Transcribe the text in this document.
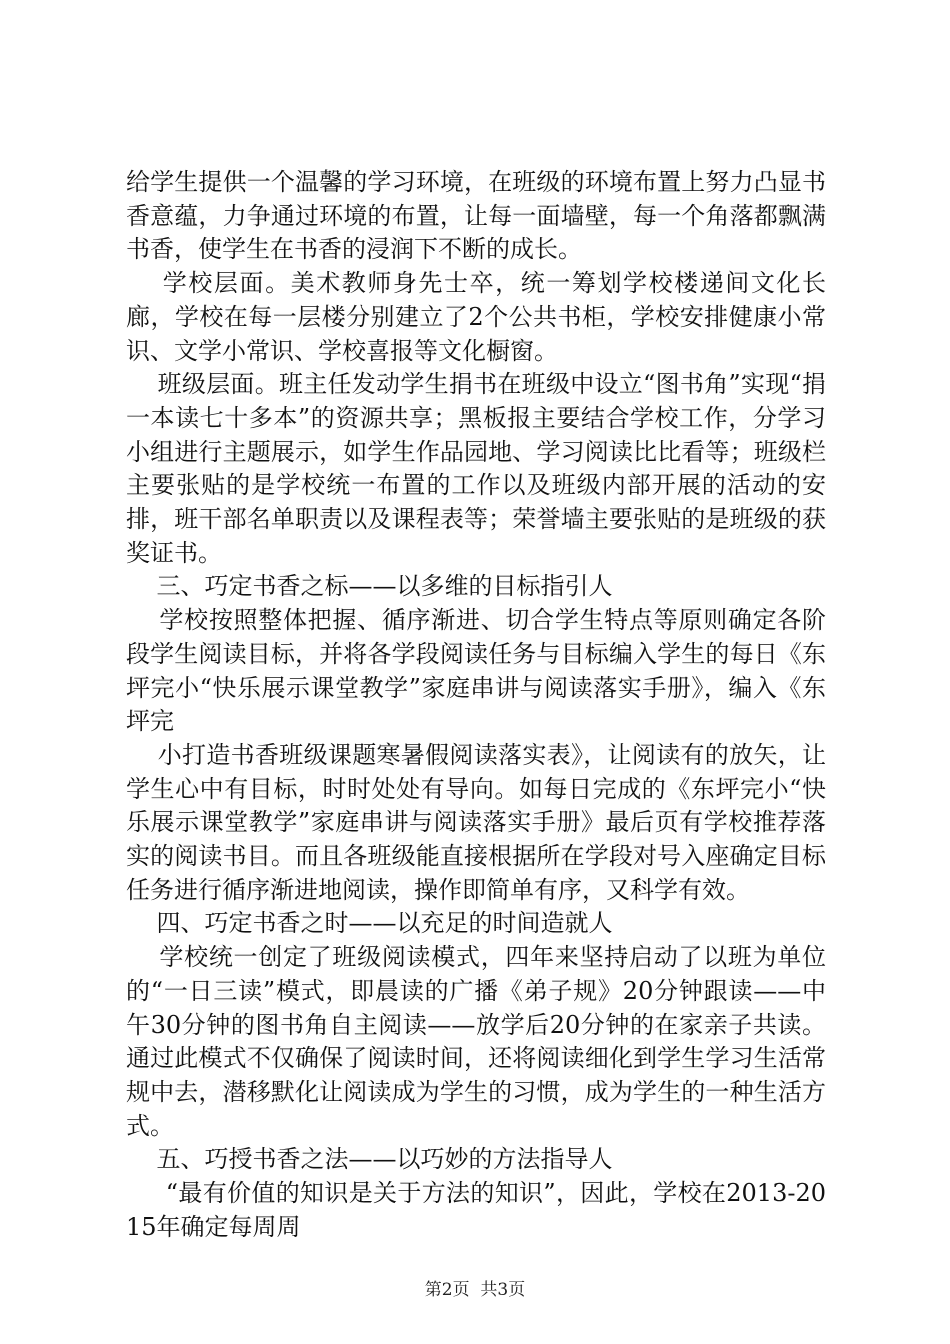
给学生提供一个温馨的学习环境，在班级的环境布置上努力凸显书香意蕴，力争通过环境的布置，让每一面墙壁，每一个角落都飘满书香，使学生在书香的浸润下不断的成长。

学校层面。美术教师身先士卒，统一筹划学校楼递间文化长廊，学校在每一层楼分别建立了2个公共书柜，学校安排健康小常识、文学小常识、学校喜报等文化橱窗。

班级层面。班主任发动学生捐书在班级中设立“图书角”实现“捐一本读七十多本”的资源共享；黑板报主要结合学校工作，分学习小组进行主题展示，如学生作品园地、学习阅读比比看等；班级栏主要张贴的是学校统一布置的工作以及班级内部开展的活动的安排，班干部名单职责以及课程表等；荣誉墙主要张贴的是班级的获奖证书。

三、巧定书香之标——以多维的目标指引人

学校按照整体把握、循序渐进、切合学生特点等原则确定各阶段学生阅读目标，并将各学段阅读任务与目标编入学生的每日《东坪完小“快乐展示课堂教学”家庭串讲与阅读落实手册》，编入《东坪完

小打造书香班级课题寒暑假阅读落实表》，让阅读有的放矢，让学生心中有目标，时时处处有导向。如每日完成的《东坪完小“快乐展示课堂教学”家庭串讲与阅读落实手册》最后页有学校推荐落实的阅读书目。而且各班级能直接根据所在学段对号入座确定目标任务进行循序渐进地阅读，操作即简单有序，又科学有效。

四、巧定书香之时——以充足的时间造就人

学校统一创定了班级阅读模式，四年来坚持启动了以班为单位的“一日三读”模式，即晨读的广播《弟子规》20分钟跟读——中午30分钟的图书角自主阅读——放学后20分钟的在家亲子共读。通过此模式不仅确保了阅读时间，还将阅读细化到学生学习生活常规中去，潜移默化让阅读成为学生的习惯，成为学生的一种生活方式。

五、巧授书香之法——以巧妙的方法指导人

“最有价值的知识是关于方法的知识”，因此，学校在2013-2015年确定每周周

第2页  共3页
